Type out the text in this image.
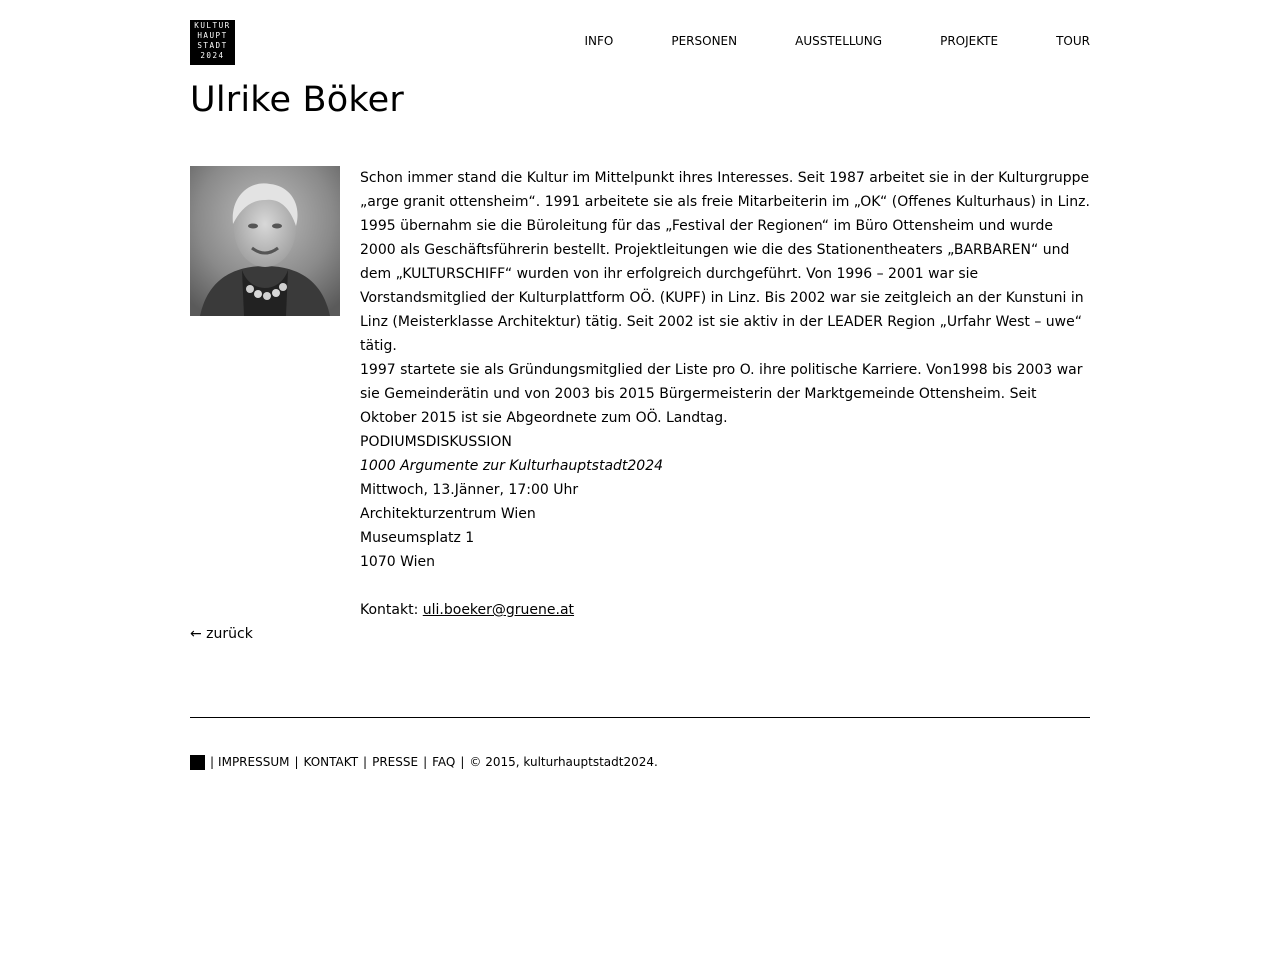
KULTUR
HAUPT
STADT
2024
INFO	PERSONEN	AUSSTELLUNG	PROJEKTE	TOUR
Ulrike Böker

Schon immer stand die Kultur im Mittelpunkt ihres Interesses. Seit 1987 arbeitet sie in der Kulturgruppe „arge granit ottensheim“. 1991 arbeitete sie als freie Mitarbeiterin im „OK“ (Offenes Kulturhaus) in Linz. 1995 übernahm sie die Büroleitung für das „Festival der Regionen“ im Büro Ottensheim und wurde 2000 als Geschäftsführerin bestellt. Projektleitungen wie die des Stationentheaters „BARBAREN“ und dem „KULTURSCHIFF“ wurden von ihr erfolgreich durchgeführt. Von 1996 – 2001 war sie Vorstandsmitglied der Kulturplattform OÖ. (KUPF) in Linz. Bis 2002 war sie zeitgleich an der Kunstuni in Linz (Meisterklasse Architektur) tätig. Seit 2002 ist sie aktiv in der LEADER Region „Urfahr West – uwe“ tätig.

1997 startete sie als Gründungsmitglied der Liste pro O. ihre politische Karriere. Von1998 bis 2003 war sie Gemeinderätin und von 2003 bis 2015 Bürgermeisterin der Marktgemeinde Ottensheim. Seit Oktober 2015 ist sie Abgeordnete zum OÖ. Landtag.

PODIUMSDISKUSSION

1000 Argumente zur Kulturhauptstadt2024

Mittwoch, 13.Jänner, 17:00 Uhr

Architekturzentrum Wien

Museumsplatz 1

1070 Wien

Kontakt: uli.boeker@gruene.at

← zurück
f | IMPRESSUM | KONTAKT | PRESSE | FAQ | © 2015, kulturhauptstadt2024.
